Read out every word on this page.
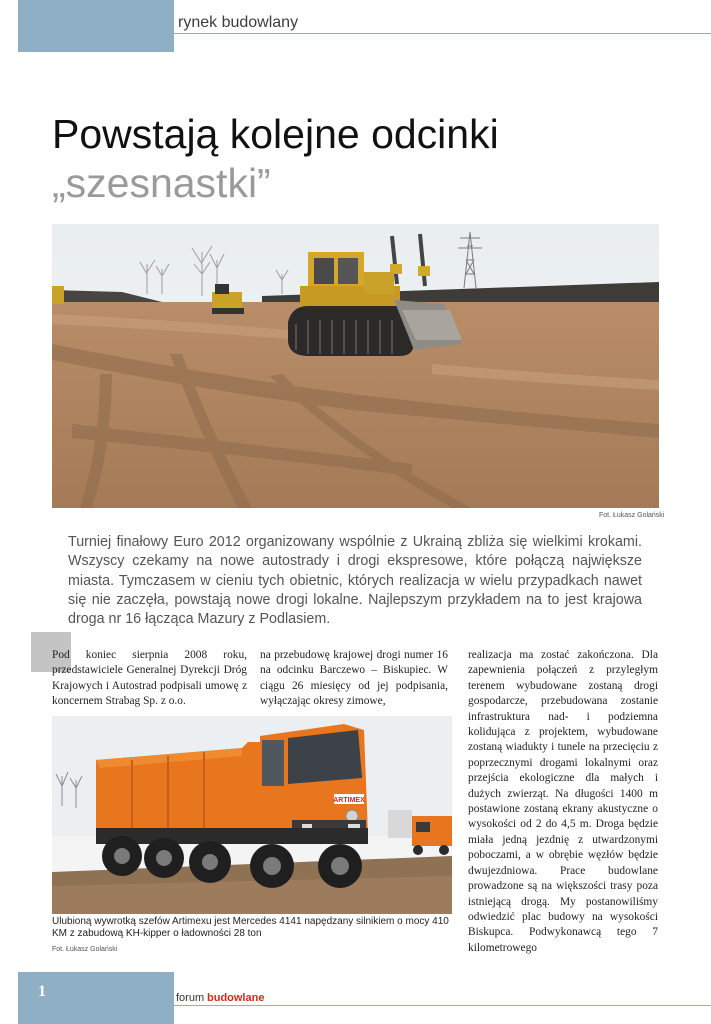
rynek budowlany
Powstają kolejne odcinki
„szesnastki”
Fot. Łukasz Golański
Turniej finałowy Euro 2012 organizowany wspólnie z Ukrainą zbliża się wielkimi krokami. Wszyscy czekamy na nowe autostrady i drogi ekspresowe, które połączą największe miasta. Tymczasem w cieniu tych obietnic, których realizacja w wielu przypadkach nawet się nie zaczęła, powstają nowe drogi lokalne. Najlepszym przykładem na to jest krajowa droga nr 16 łącząca Mazury z Podlasiem.
Pod koniec sierpnia 2008 roku, przedstawiciele Generalnej Dyrekcji Dróg Krajowych i Autostrad podpisali umowę z koncernem Strabag Sp. z o.o.
na przebudowę krajowej drogi numer 16 na odcinku Barczewo – Biskupiec. W ciągu 26 miesięcy od jej podpisania, wyłączając okresy zimowe,
realizacja ma zostać zakończona. Dla zapewnienia połączeń z przyległym terenem wybudowane zostaną drogi gospodarcze, przebudowana zostanie infrastruktura nad- i podziemna kolidująca z projektem, wybudowane zostaną wiadukty i tunele na przecięciu z poprzecznymi drogami lokalnymi oraz przejścia ekologiczne dla małych i dużych zwierząt. Na długości 1400 m postawione zostaną ekrany akustyczne o wysokości od 2 do 4,5 m. Droga będzie miała jedną jezdnię z utwardzonymi poboczami, a w obrębie węzłów będzie dwujezdniowa. Prace budowlane prowadzone są na większości trasy poza istniejącą drogą. My postanowiliśmy odwiedzić plac budowy na wysokości Biskupca. Podwykonawcą tego 7 kilometrowego
ARTIMEX
Ulubioną wywrotką szefów Artimexu jest Mercedes 4141 napędzany silnikiem o mocy 410 KM z zabudową KH-kipper o ładowności 28 ton
Fot. Łukasz Golański
1	luty
2009
forum budowlane
